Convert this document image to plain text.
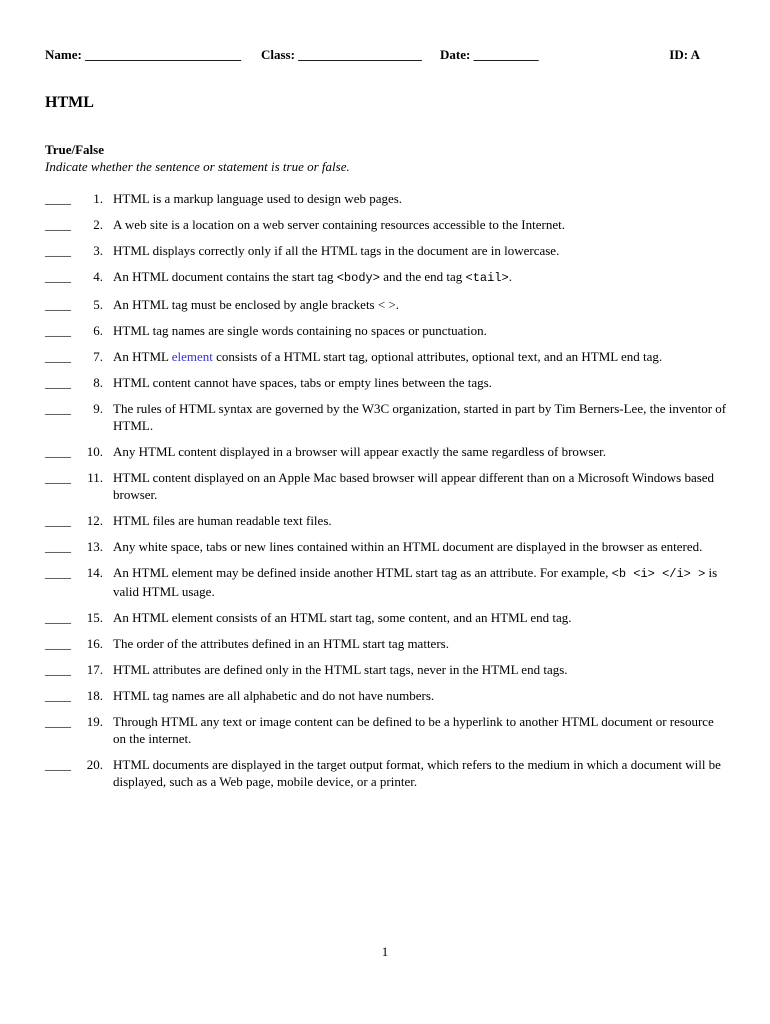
Name: ________________________ Class: ___________________ Date: __________	ID: A
HTML
True/False
Indicate whether the sentence or statement is true or false.
____	1. HTML is a markup language used to design web pages.
____	2. A web site is a location on a web server containing resources accessible to the Internet.
____	3. HTML displays correctly only if all the HTML tags in the document are in lowercase.
____	4. An HTML document contains the start tag <body> and the end tag <tail>.
____	5. An HTML tag must be enclosed by angle brackets < >.
____	6. HTML tag names are single words containing no spaces or punctuation.
____	7. An HTML element consists of a HTML start tag, optional attributes, optional text, and an HTML end tag.
____	8. HTML content cannot have spaces, tabs or empty lines between the tags.
____	9. The rules of HTML syntax are governed by the W3C organization, started in part by Tim Berners-Lee, the inventor of HTML.
____	10. Any HTML content displayed in a browser will appear exactly the same regardless of browser.
____	11. HTML content displayed on an Apple Mac based browser will appear different than on a Microsoft Windows based browser.
____	12. HTML files are human readable text files.
____	13. Any white space, tabs or new lines contained within an HTML document are displayed in the browser as entered.
____	14. An HTML element may be defined inside another HTML start tag as an attribute. For example, <b <i> </i> > is valid HTML usage.
____	15. An HTML element consists of an HTML start tag, some content, and an HTML end tag.
____	16. The order of the attributes defined in an HTML start tag matters.
____	17. HTML attributes are defined only in the HTML start tags, never in the HTML end tags.
____	18. HTML tag names are all alphabetic and do not have numbers.
____	19. Through HTML any text or image content can be defined to be a hyperlink to another HTML document or resource on the internet.
____	20. HTML documents are displayed in the target output format, which refers to the medium in which a document will be displayed, such as a Web page, mobile device, or a printer.
1
